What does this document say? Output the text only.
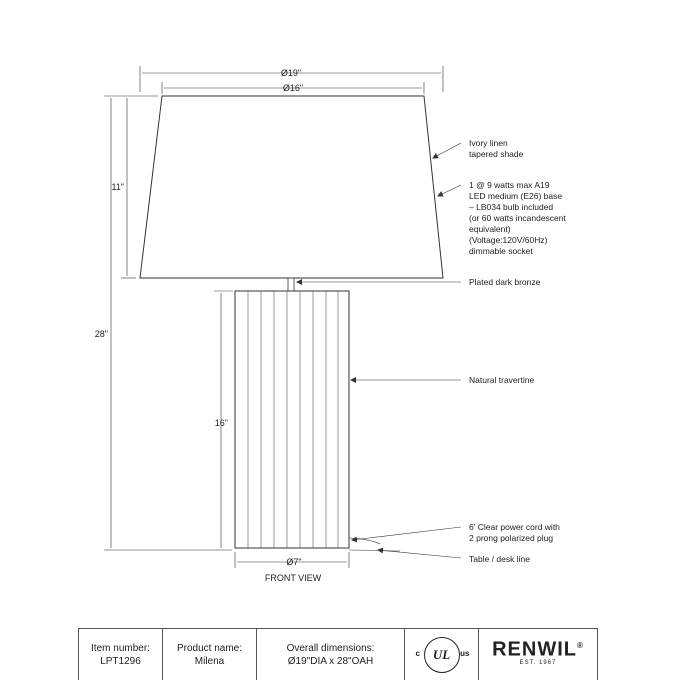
Ø19"
Ø16"
11"
28"
16"
Ø7"
FRONT VIEW
Ivory linen tapered shade
1 @ 9 watts max A19 LED medium (E26) base – LB034 bulb included (or 60 watts incandescent equivalent) (Voltage:120V/60Hz) dimmable socket
Plated dark bronze
Natural travertine
6' Clear power cord with 2 prong polarized plug
Table / desk line
Item number:
LPT1296
Product name:
Milena
Overall dimensions:
Ø19"DIA x 28"OAH
c UL us RENWIL®
EST. 1967
